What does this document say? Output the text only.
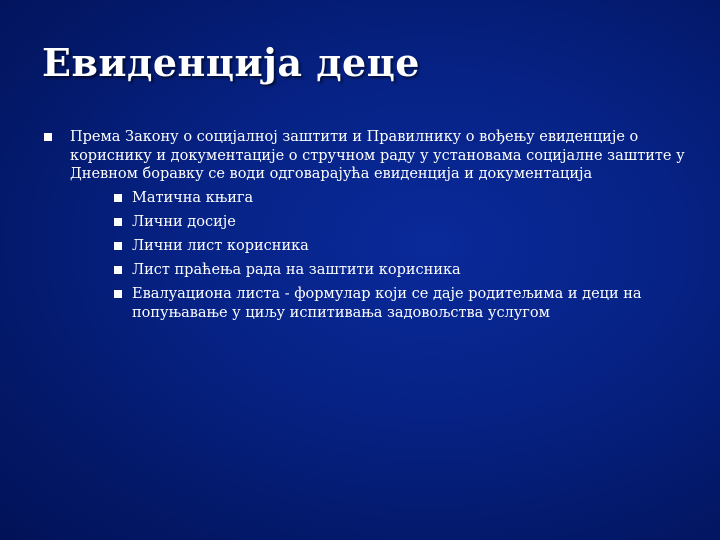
Евиденција деце
Према Закону о социјалној заштити и Правилнику о вођењу евиденције о кориснику и документације о стручном раду у установама социјалне заштите у Дневном боравку се води одговарајућа евиденција и документација
Матична књига
Лични досије
Лични лист корисника
Лист праћења рада на заштити корисника
Евалуациона листа - формулар који се даје родитељима и деци на попуњавање у циљу испитивања задовољства услугом
